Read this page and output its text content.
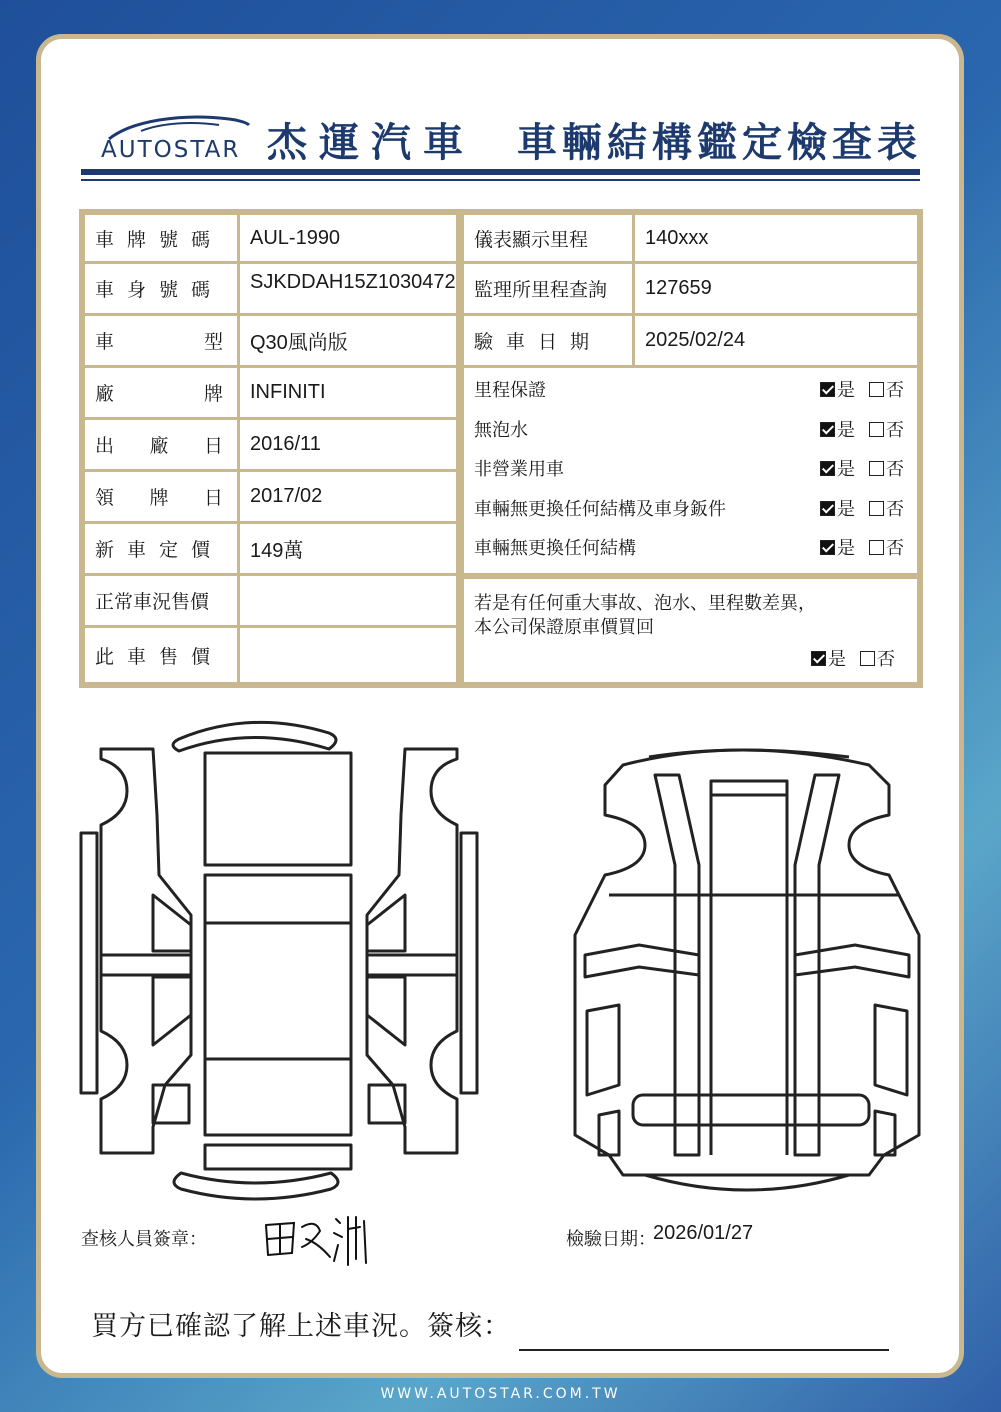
AUTOSTAR 杰運汽車 車輛結構鑑定檢查表
車牌號碼	AUL-1990
車身號碼	SJKDDAH15Z1030472
車	型	Q30風尚版
廠	牌	INFINITI
出 廠 日	2016/11
領 牌 日	2017/02
新車定價	149萬
正常車況售價
此車售價
儀表顯示里程	140xxx
監理所里程查詢	127659
驗車日期	2025/02/24
里程保證	是 否
無泡水	是 否
非營業用車	是 否
車輛無更換任何結構及車身鈑件	是 否
車輛無更換任何結構	是 否
若是有任何重大事故、泡水、里程數差異，
本公司保證原車價買回
是 否
查核人員簽章：	檢驗日期：
2026/01/27
買方已確認了解上述車況。簽核：
WWW.AUTOSTAR.COM.TW
